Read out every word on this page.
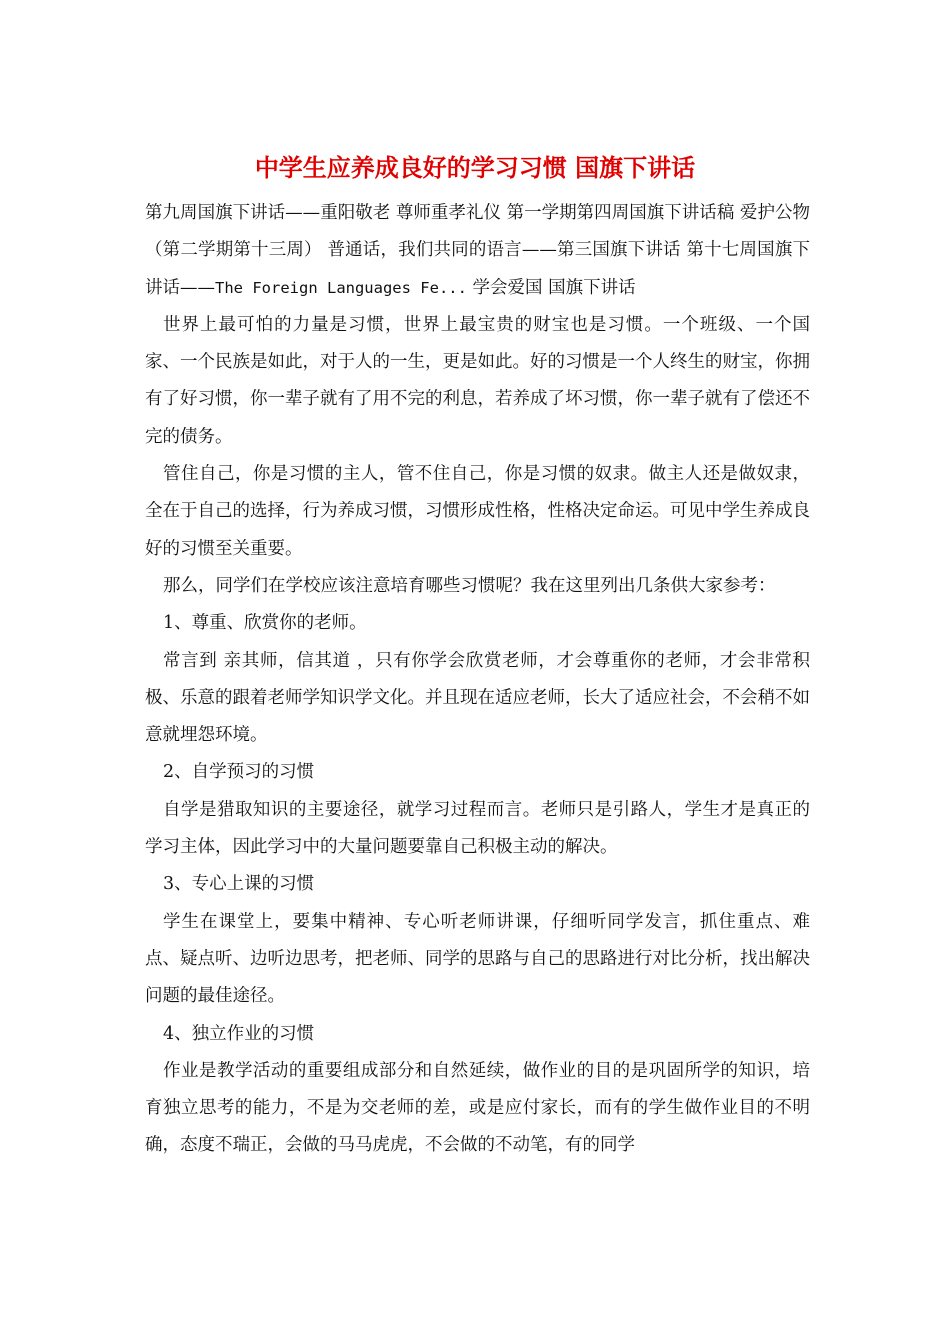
中学生应养成良好的学习习惯 国旗下讲话

第九周国旗下讲话——重阳敬老 尊师重孝礼仪 第一学期第四周国旗下讲话稿 爱护公物（第二学期第十三周） 普通话，我们共同的语言——第三国旗下讲话 第十七周国旗下讲话——The Foreign Languages Fe... 学会爱国 国旗下讲话

世界上最可怕的力量是习惯，世界上最宝贵的财宝也是习惯。一个班级、一个国家、一个民族是如此，对于人的一生，更是如此。好的习惯是一个人终生的财宝，你拥有了好习惯，你一辈子就有了用不完的利息，若养成了坏习惯，你一辈子就有了偿还不完的债务。

管住自己，你是习惯的主人，管不住自己，你是习惯的奴隶。做主人还是做奴隶，全在于自己的选择，行为养成习惯，习惯形成性格，性格决定命运。可见中学生养成良好的习惯至关重要。

那么，同学们在学校应该注意培育哪些习惯呢？我在这里列出几条供大家参考：

1、尊重、欣赏你的老师。

常言到 亲其师，信其道 ，只有你学会欣赏老师，才会尊重你的老师，才会非常积极、乐意的跟着老师学知识学文化。并且现在适应老师，长大了适应社会，不会稍不如意就埋怨环境。

2、自学预习的习惯

自学是猎取知识的主要途径，就学习过程而言。老师只是引路人，学生才是真正的学习主体，因此学习中的大量问题要靠自己积极主动的解决。

3、专心上课的习惯

学生在课堂上，要集中精神、专心听老师讲课，仔细听同学发言，抓住重点、难点、疑点听、边听边思考，把老师、同学的思路与自己的思路进行对比分析，找出解决问题的最佳途径。

4、独立作业的习惯

作业是教学活动的重要组成部分和自然延续，做作业的目的是巩固所学的知识，培育独立思考的能力，不是为交老师的差，或是应付家长，而有的学生做作业目的不明确，态度不瑞正，会做的马马虎虎，不会做的不动笔，有的同学
